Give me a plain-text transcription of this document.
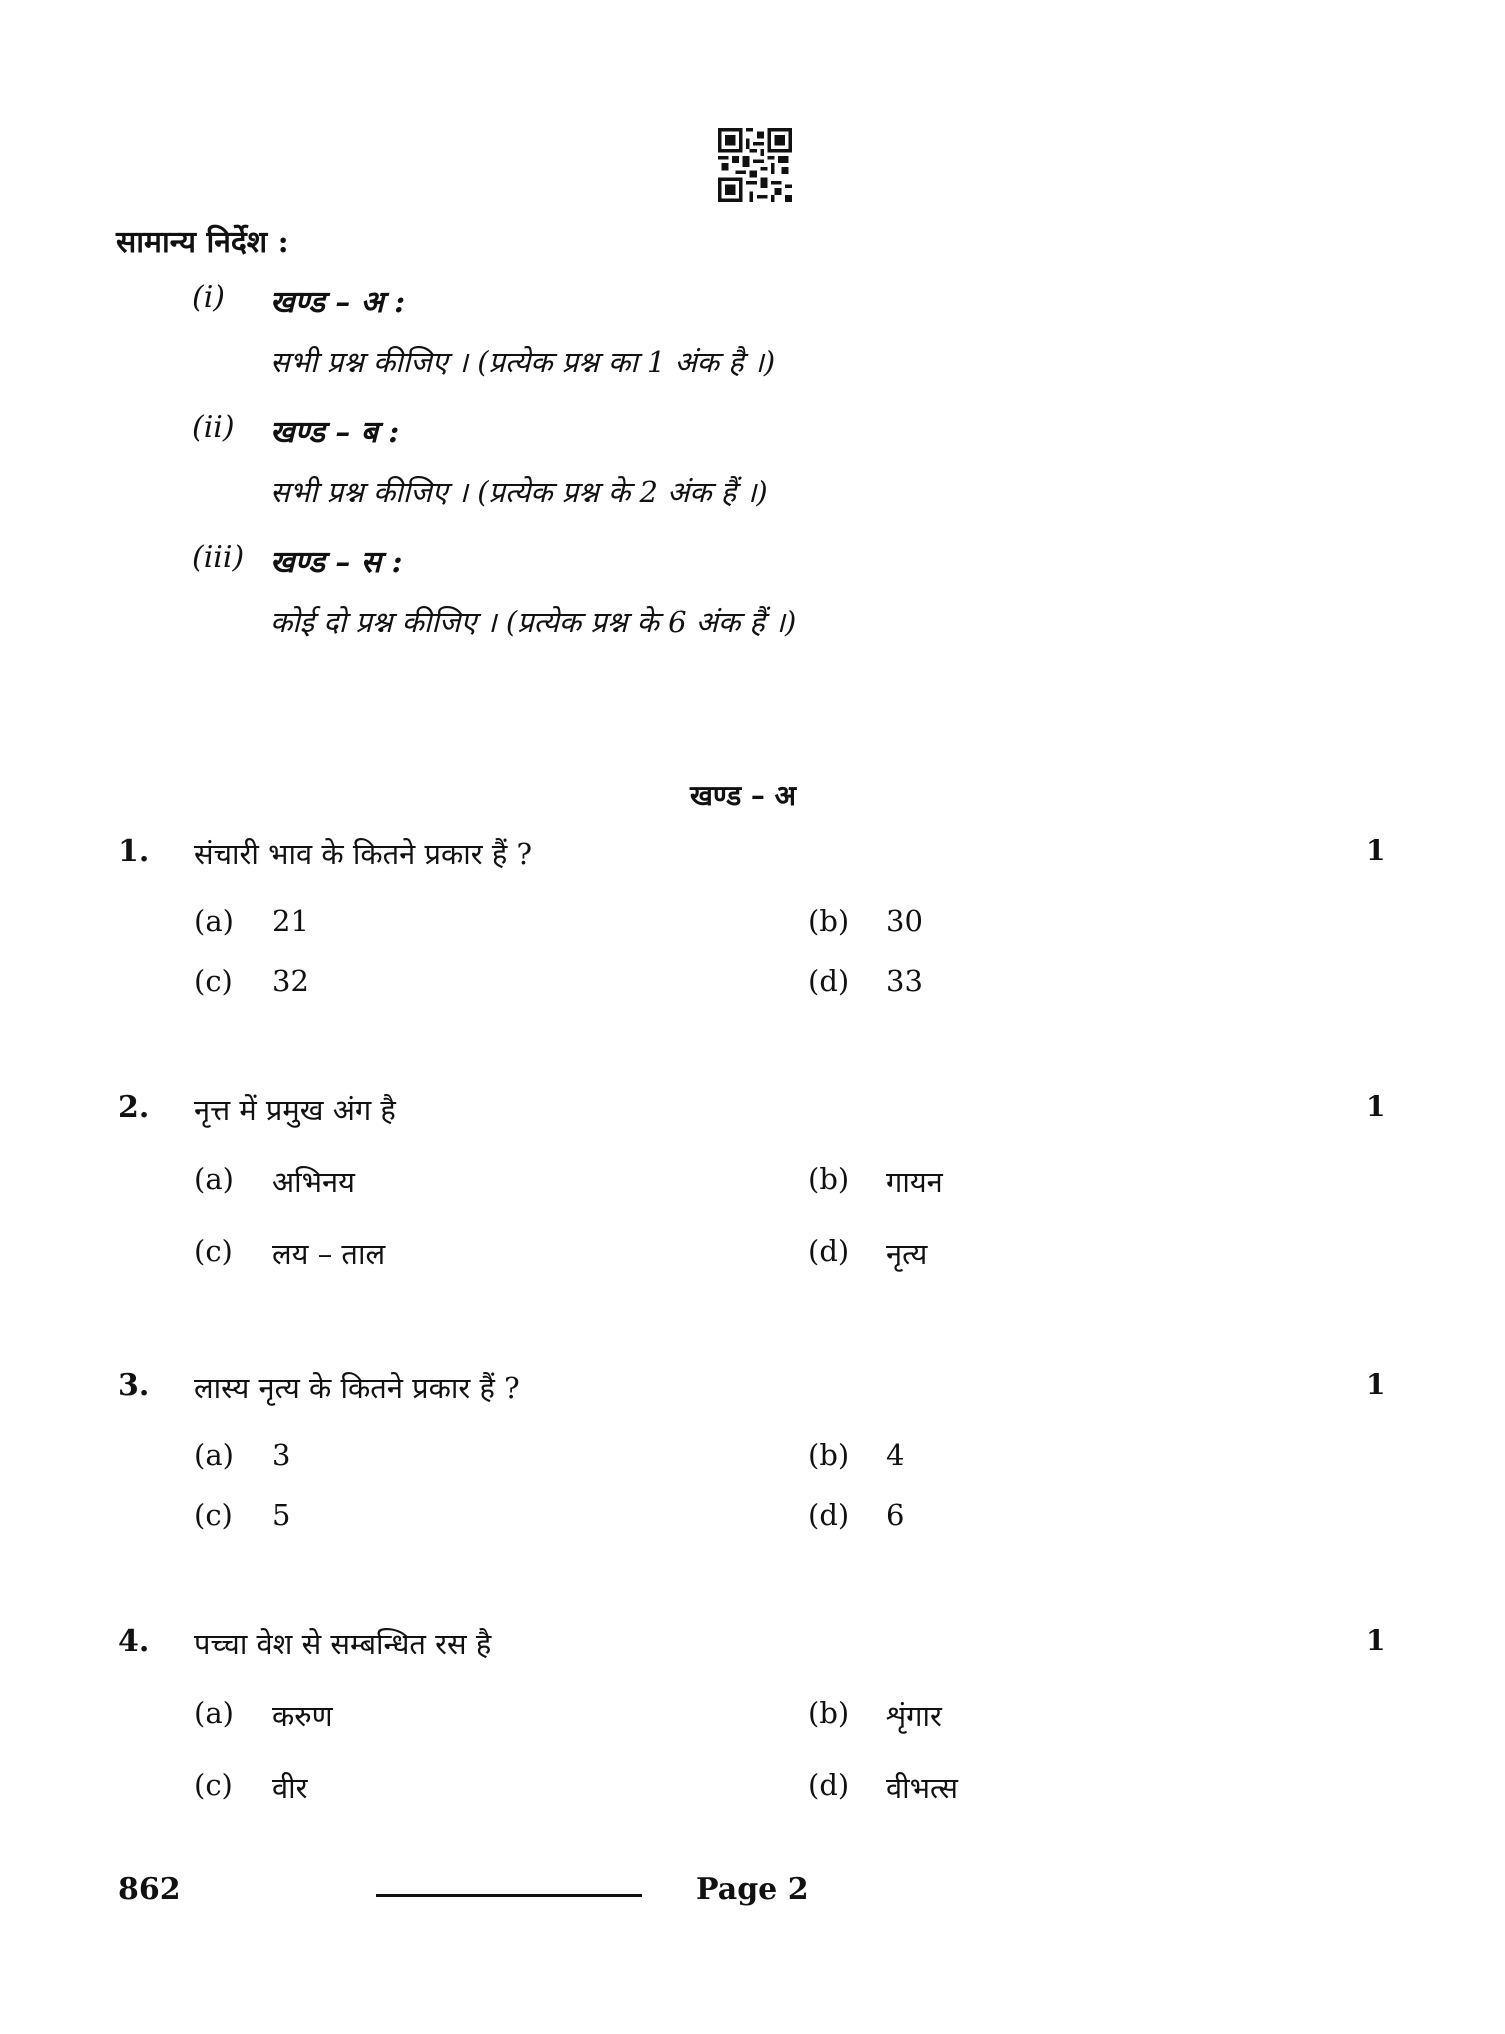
सामान्य निर्देश :
(i) खण्ड – अ :
सभी प्रश्न कीजिए । (प्रत्येक प्रश्न का 1 अंक है ।)
(ii) खण्ड – ब :
सभी प्रश्न कीजिए । (प्रत्येक प्रश्न के 2 अंक हैं ।)
(iii) खण्ड – स :
कोई दो प्रश्न कीजिए । (प्रत्येक प्रश्न के 6 अंक हैं ।)
खण्ड – अ
1. संचारी भाव के कितने प्रकार हैं ?	1
(a) 21	(b) 30
(c) 32	(d) 33
2. नृत्त में प्रमुख अंग है	1
(a) अभिनय	(b) गायन
(c) लय – ताल	(d) नृत्य
3. लास्य नृत्य के कितने प्रकार हैं ?	1
(a) 3	(b) 4
(c) 5	(d) 6
4. पच्चा वेश से सम्बन्धित रस है	1
(a) करुण	(b) शृंगार
(c) वीर	(d) वीभत्स
862	Page 2
